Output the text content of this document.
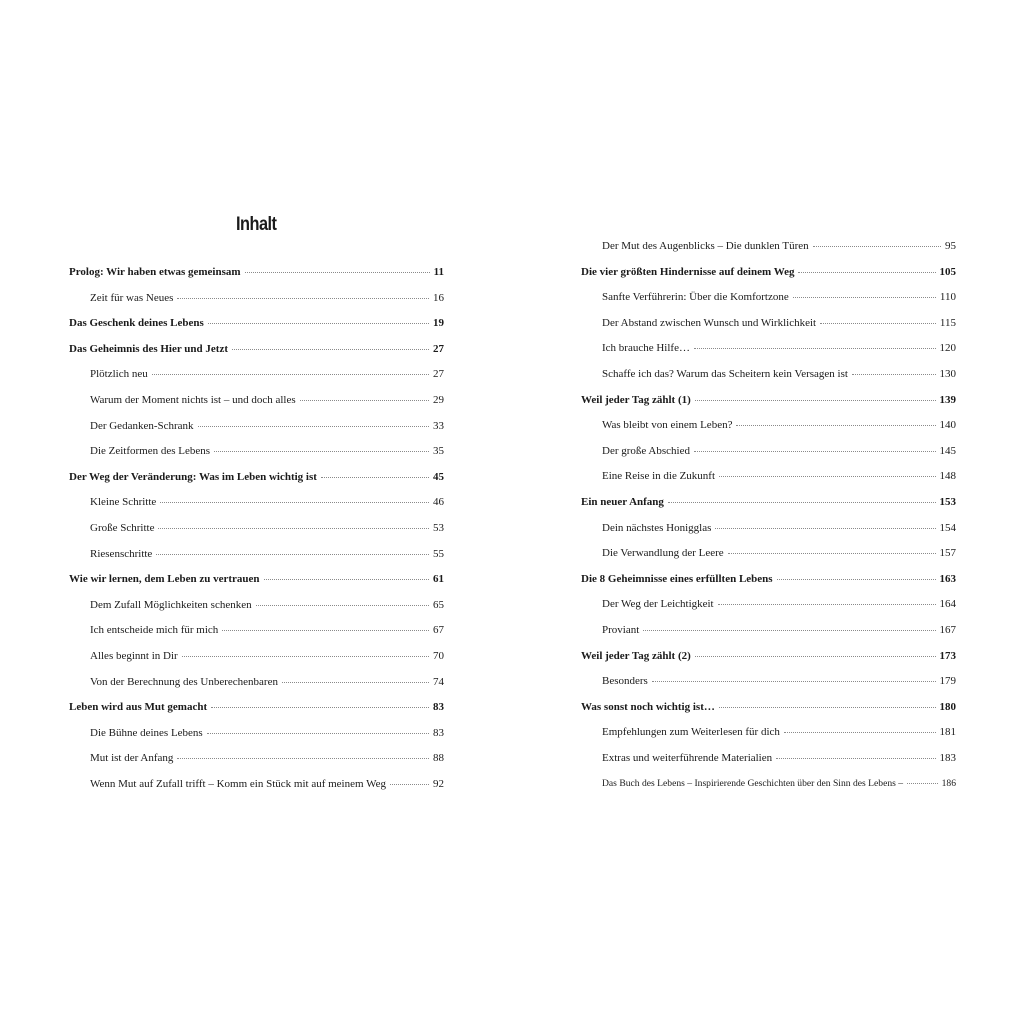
Inhalt
Prolog: Wir haben etwas gemeinsam	11
Zeit für was Neues	16
Das Geschenk deines Lebens	19
Das Geheimnis des Hier und Jetzt	27
Plötzlich neu	27
Warum der Moment nichts ist – und doch alles	29
Der Gedanken-Schrank	33
Die Zeitformen des Lebens	35
Der Weg der Veränderung: Was im Leben wichtig ist	45
Kleine Schritte	46
Große Schritte	53
Riesenschritte	55
Wie wir lernen, dem Leben zu vertrauen	61
Dem Zufall Möglichkeiten schenken	65
Ich entscheide mich für mich	67
Alles beginnt in Dir	70
Von der Berechnung des Unberechenbaren	74
Leben wird aus Mut gemacht	83
Die Bühne deines Lebens	83
Mut ist der Anfang	88
Wenn Mut auf Zufall trifft – Komm ein Stück mit auf meinem Weg	92
Der Mut des Augenblicks – Die dunklen Türen	95
Die vier größten Hindernisse auf deinem Weg	105
Sanfte Verführerin: Über die Komfortzone	110
Der Abstand zwischen Wunsch und Wirklichkeit	115
Ich brauche Hilfe…	120
Schaffe ich das? Warum das Scheitern kein Versagen ist	130
Weil jeder Tag zählt (1)	139
Was bleibt von einem Leben?	140
Der große Abschied	145
Eine Reise in die Zukunft	148
Ein neuer Anfang	153
Dein nächstes Honigglas	154
Die Verwandlung der Leere	157
Die 8 Geheimnisse eines erfüllten Lebens	163
Der Weg der Leichtigkeit	164
Proviant	167
Weil jeder Tag zählt (2)	173
Besonders	179
Was sonst noch wichtig ist…	180
Empfehlungen zum Weiterlesen für dich	181
Extras und weiterführende Materialien	183
Das Buch des Lebens – Inspirierende Geschichten über den Sinn des Lebens –	186
